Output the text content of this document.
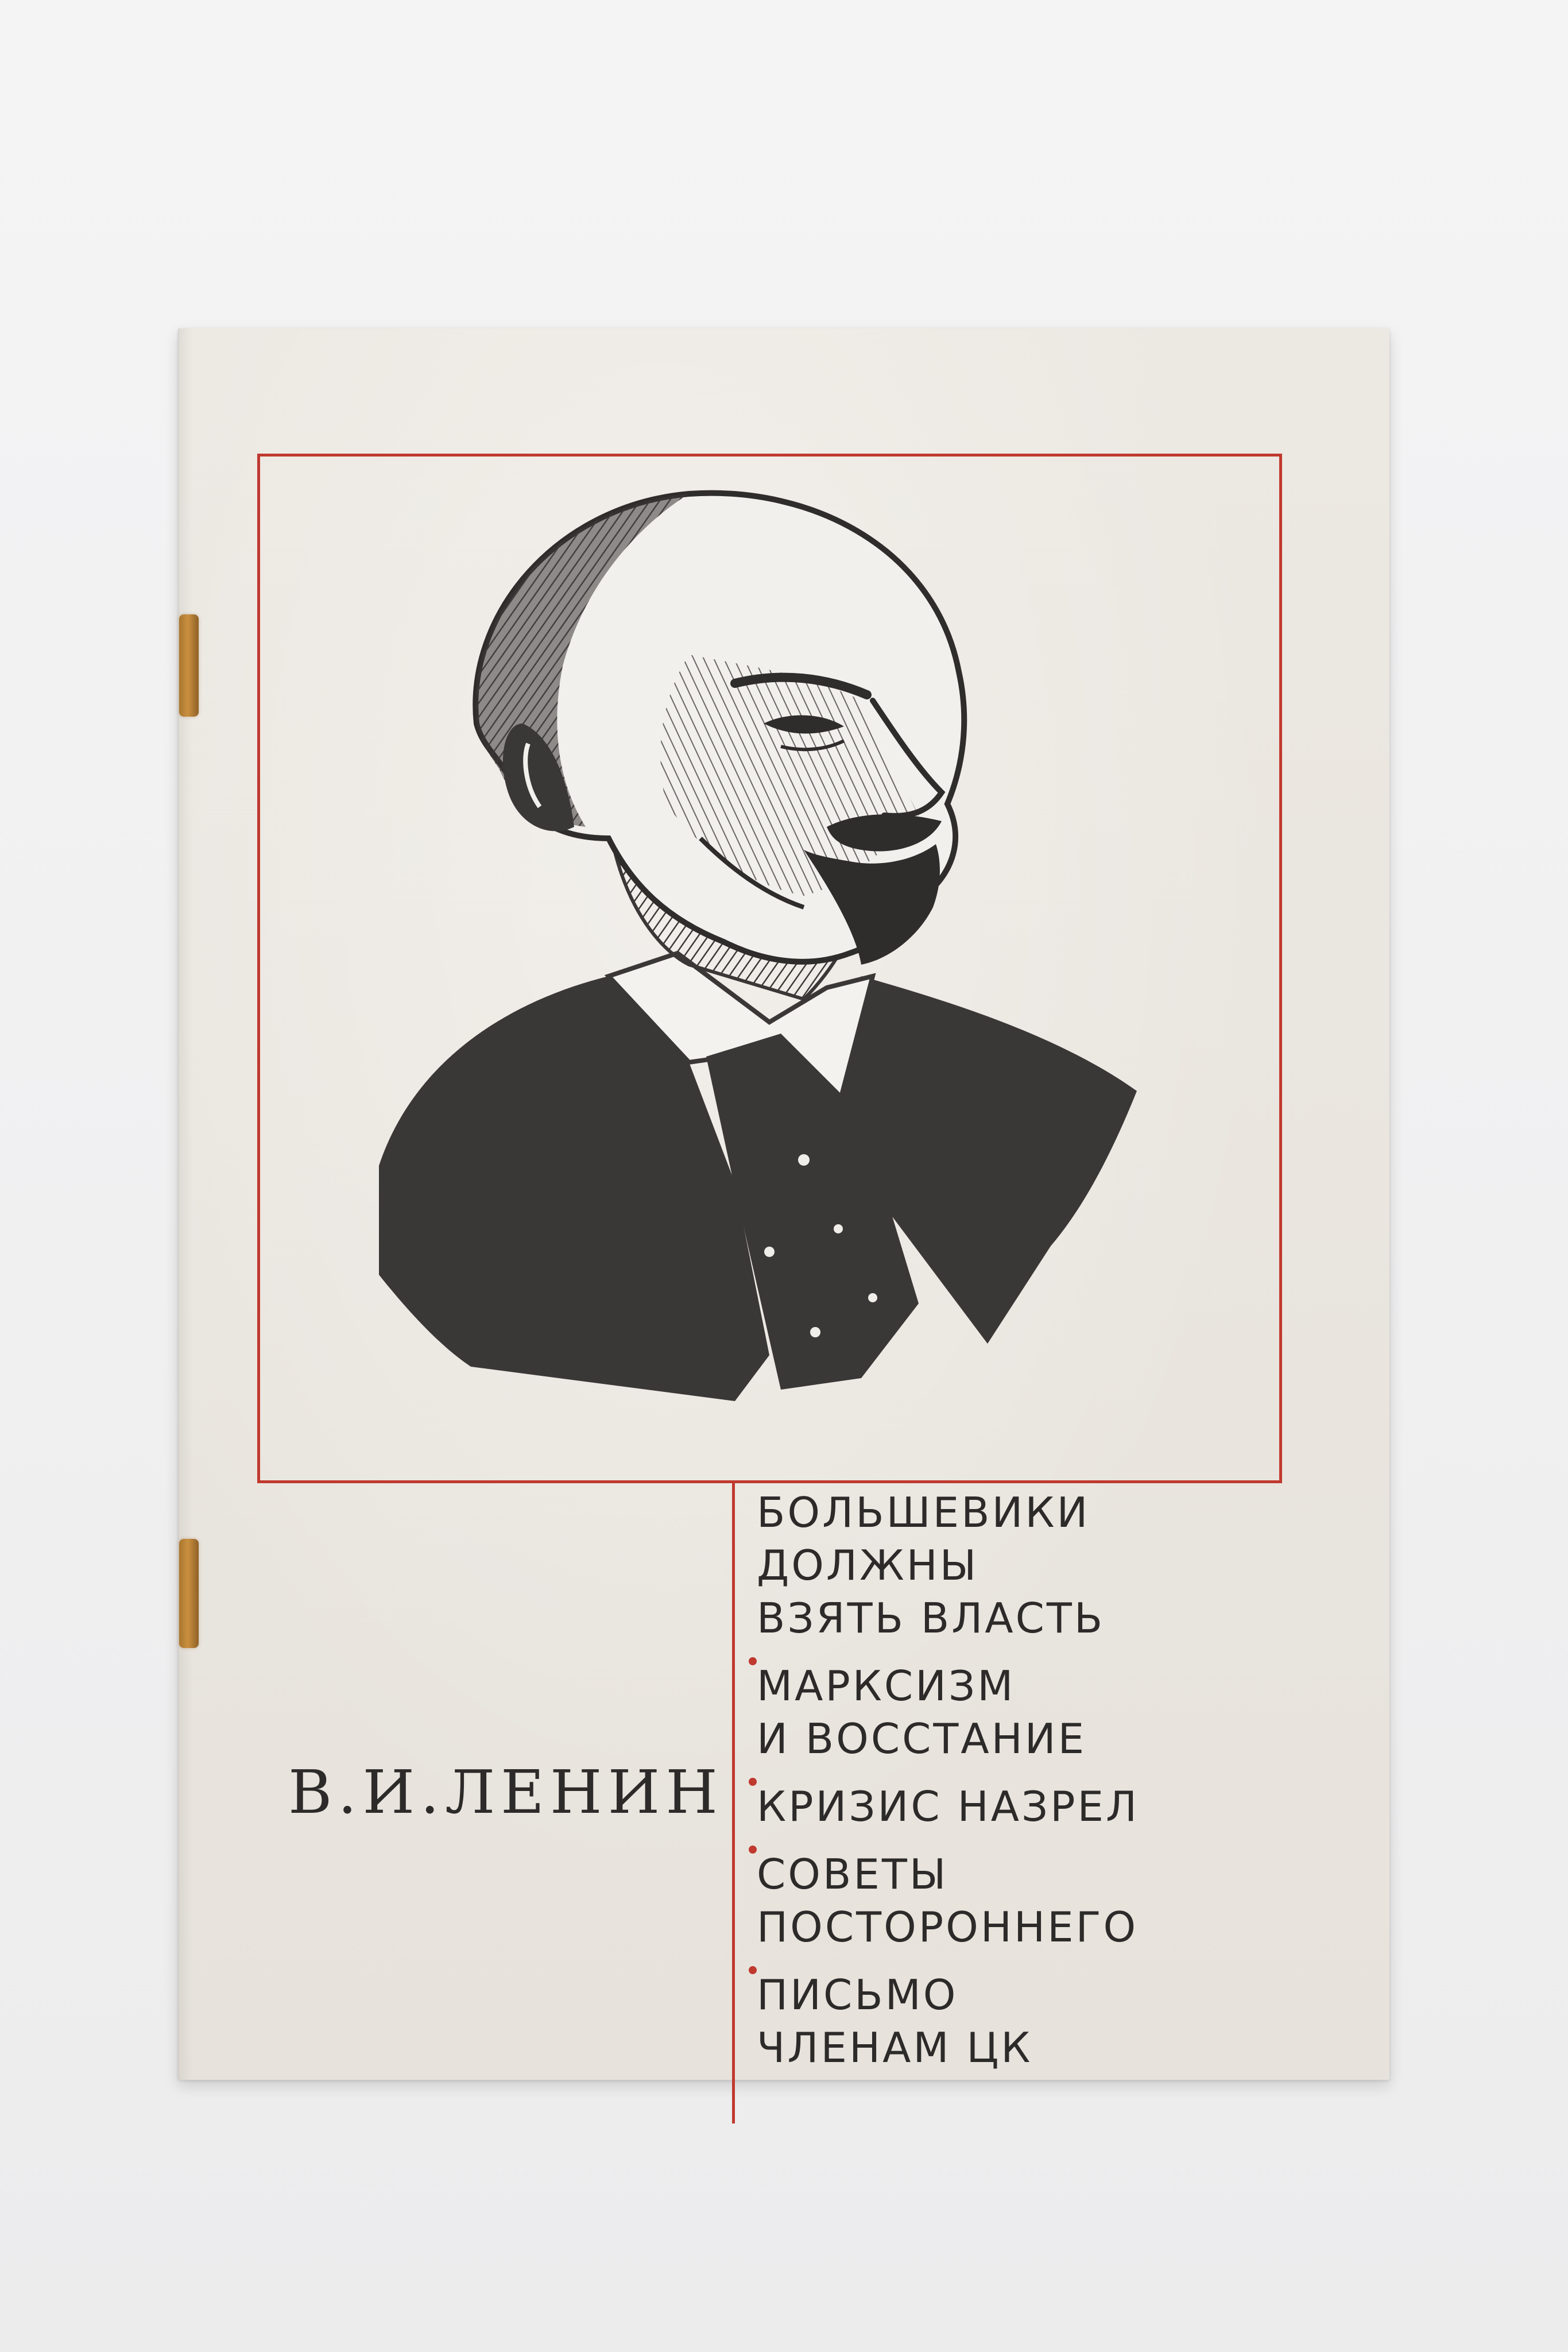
В.И.ЛЕНИН
БОЛЬШЕВИКИ
ДОЛЖНЫ
ВЗЯТЬ ВЛАСТЬ
МАРКСИЗМ
И ВОССТАНИЕ
КРИЗИС НАЗРЕЛ
СОВЕТЫ
ПОСТОРОННЕГО
ПИСЬМО
ЧЛЕНАМ ЦК
